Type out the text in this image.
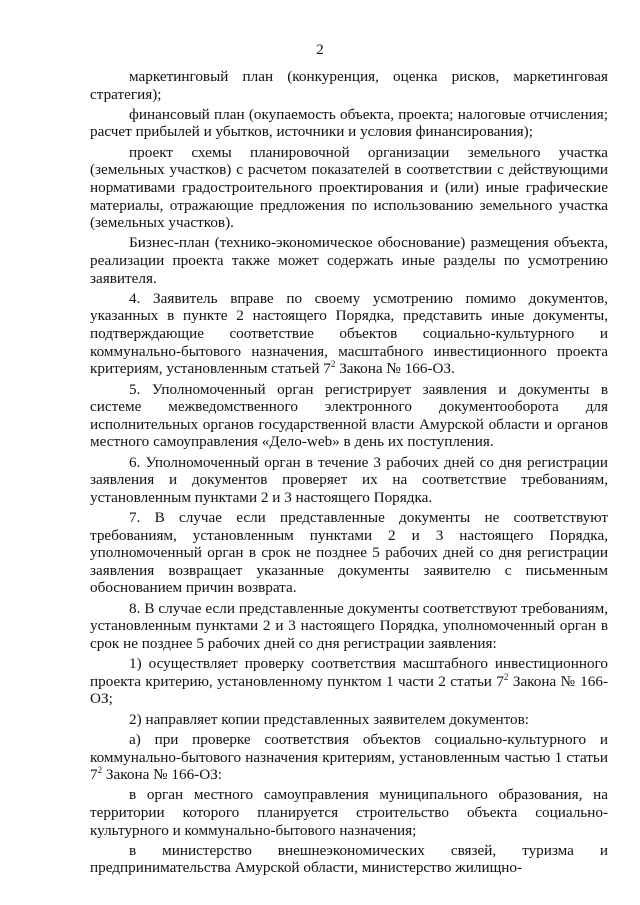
2

маркетинговый план (конкуренция, оценка рисков, маркетинговая стратегия);

финансовый план (окупаемость объекта, проекта; налоговые отчисления; расчет прибылей и убытков, источники и условия финансирования);

проект схемы планировочной организации земельного участка (земельных участков) с расчетом показателей в соответствии с действующими нормативами градостроительного проектирования и (или) иные графические материалы, отражающие предложения по использованию земельного участка (земельных участков).

Бизнес-план (технико-экономическое обоснование) размещения объекта, реализации проекта также может содержать иные разделы по усмотрению заявителя.

4. Заявитель вправе по своему усмотрению помимо документов, указанных в пункте 2 настоящего Порядка, представить иные документы, подтверждающие соответствие объектов социально-культурного и коммунально-бытового назначения, масштабного инвестиционного проекта критериям, установленным статьей $7^2$ Закона № 166-ОЗ.

5. Уполномоченный орган регистрирует заявления и документы в системе межведомственного электронного документооборота для исполнительных органов государственной власти Амурской области и органов местного самоуправления «Дело-web» в день их поступления.

6. Уполномоченный орган в течение 3 рабочих дней со дня регистрации заявления и документов проверяет их на соответствие требованиям, установленным пунктами 2 и 3 настоящего Порядка.

7. В случае если представленные документы не соответствуют требованиям, установленным пунктами 2 и 3 настоящего Порядка, уполномоченный орган в срок не позднее 5 рабочих дней со дня регистрации заявления возвращает указанные документы заявителю с письменным обоснованием причин возврата.

8. В случае если представленные документы соответствуют требованиям, установленным пунктами 2 и 3 настоящего Порядка, уполномоченный орган в срок не позднее 5 рабочих дней со дня регистрации заявления:

1) осуществляет проверку соответствия масштабного инвестиционного проекта критерию, установленному пунктом 1 части 2 статьи $7^2$ Закона № 166-ОЗ;

2) направляет копии представленных заявителем документов:

а) при проверке соответствия объектов социально-культурного и коммунально-бытового назначения критериям, установленным частью 1 статьи $7^2$ Закона № 166-ОЗ:

в орган местного самоуправления муниципального образования, на территории которого планируется строительство объекта социально-культурного и коммунально-бытового назначения;

в министерство внешнеэкономических связей, туризма и предпринимательства Амурской области, министерство жилищно-
